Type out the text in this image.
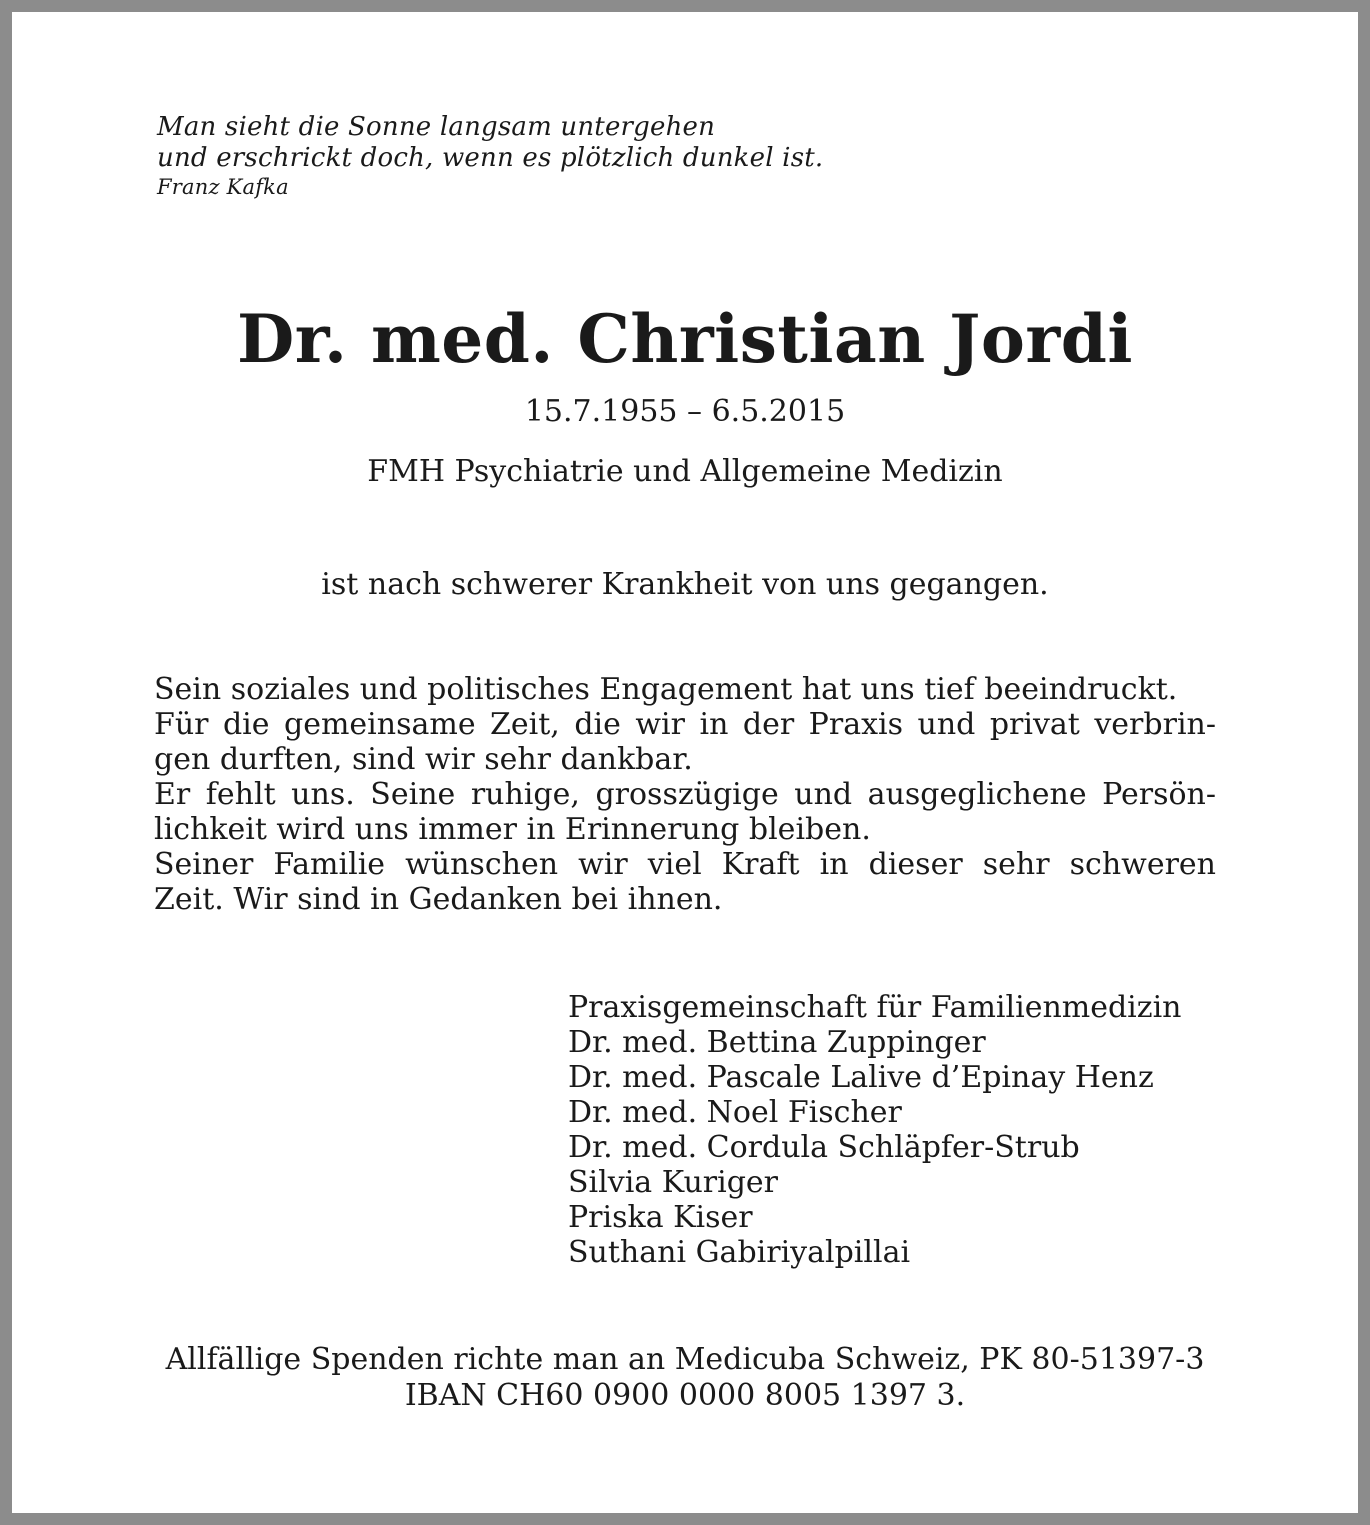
Man sieht die Sonne langsam untergehen
und erschrickt doch, wenn es plötzlich dunkel ist.
Franz Kafka
Dr. med. Christian Jordi
15.7.1955 – 6.5.2015
FMH Psychiatrie und Allgemeine Medizin
ist nach schwerer Krankheit von uns gegangen.

Sein soziales und politisches Engagement hat uns tief beeindruckt.

Für die gemeinsame Zeit, die wir in der Praxis und privat verbrin-

gen durften, sind wir sehr dankbar.

Er fehlt uns. Seine ruhige, grosszügige und ausgeglichene Persön-

lichkeit wird uns immer in Erinnerung bleiben.

Seiner Familie wünschen wir viel Kraft in dieser sehr schweren

Zeit. Wir sind in Gedanken bei ihnen.

Praxisgemeinschaft für Familienmedizin
Dr. med. Bettina Zuppinger
Dr. med. Pascale Lalive d’Epinay Henz
Dr. med. Noel Fischer
Dr. med. Cordula Schläpfer-Strub
Silvia Kuriger
Priska Kiser
Suthani Gabiriyalpillai
Allfällige Spenden richte man an Medicuba Schweiz, PK 80-51397-3
IBAN CH60 0900 0000 8005 1397 3.
